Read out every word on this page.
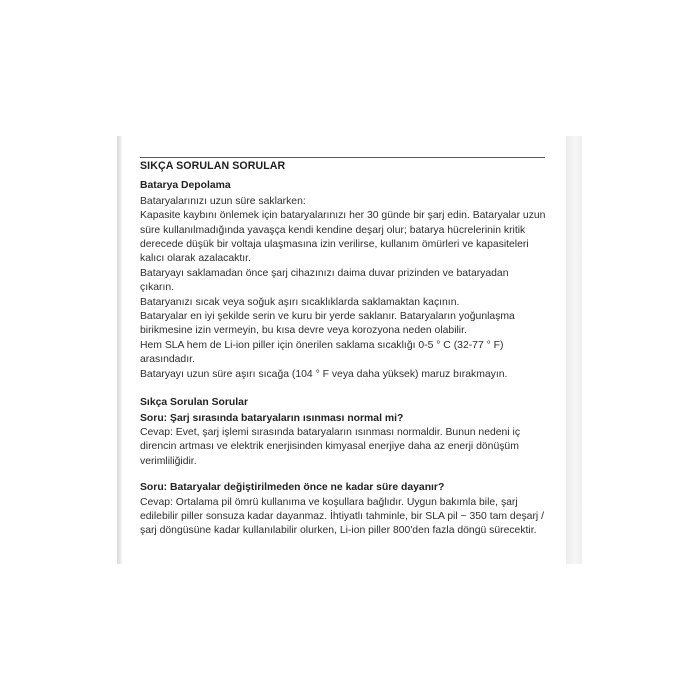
SIKÇA SORULAN SORULAR

Batarya Depolama

Bataryalarınızı uzun süre saklarken:

Kapasite kaybını önlemek için bataryalarınızı her 30 günde bir şarj edin. Bataryalar uzun süre kullanılmadığında yavaşça kendi kendine deşarj olur; batarya hücrelerinin kritik derecede düşük bir voltaja ulaşmasına izin verilirse, kullanım ömürleri ve kapasiteleri kalıcı olarak azalacaktır.

Bataryayı saklamadan önce şarj cihazınızı daima duvar prizinden ve bataryadan

çıkarın.

Bataryanızı sıcak veya soğuk aşırı sıcaklıklarda saklamaktan kaçının.

Bataryalar en iyi şekilde serin ve kuru bir yerde saklanır. Bataryaların yoğunlaşma birikmesine izin vermeyin, bu kısa devre veya korozyona neden olabilir.

Hem SLA hem de Li-ion piller için önerilen saklama sıcaklığı 0-5 ° C (32-77 ° F) arasındadır.

Bataryayı uzun süre aşırı sıcağa (104 ° F veya daha yüksek) maruz bırakmayın.

Sıkça Sorulan Sorular

Soru: Şarj sırasında bataryaların ısınması normal mi?

Cevap: Evet, şarj işlemi sırasında bataryaların ısınması normaldir. Bunun nedeni iç direncin artması ve elektrik enerjisinden kimyasal enerjiye daha az enerji dönüşüm verimliliğidir.

Soru: Bataryalar değiştirilmeden önce ne kadar süre dayanır?

Cevap: Ortalama pil ömrü kullanıma ve koşullara bağlıdır. Uygun bakımla bile, şarj edilebilir piller sonsuza kadar dayanmaz. İhtiyatlı tahminle, bir SLA pil ~ 350 tam deşarj / şarj döngüsüne kadar kullanılabilir olurken, Li-ion piller 800'den fazla döngü sürecektir.
